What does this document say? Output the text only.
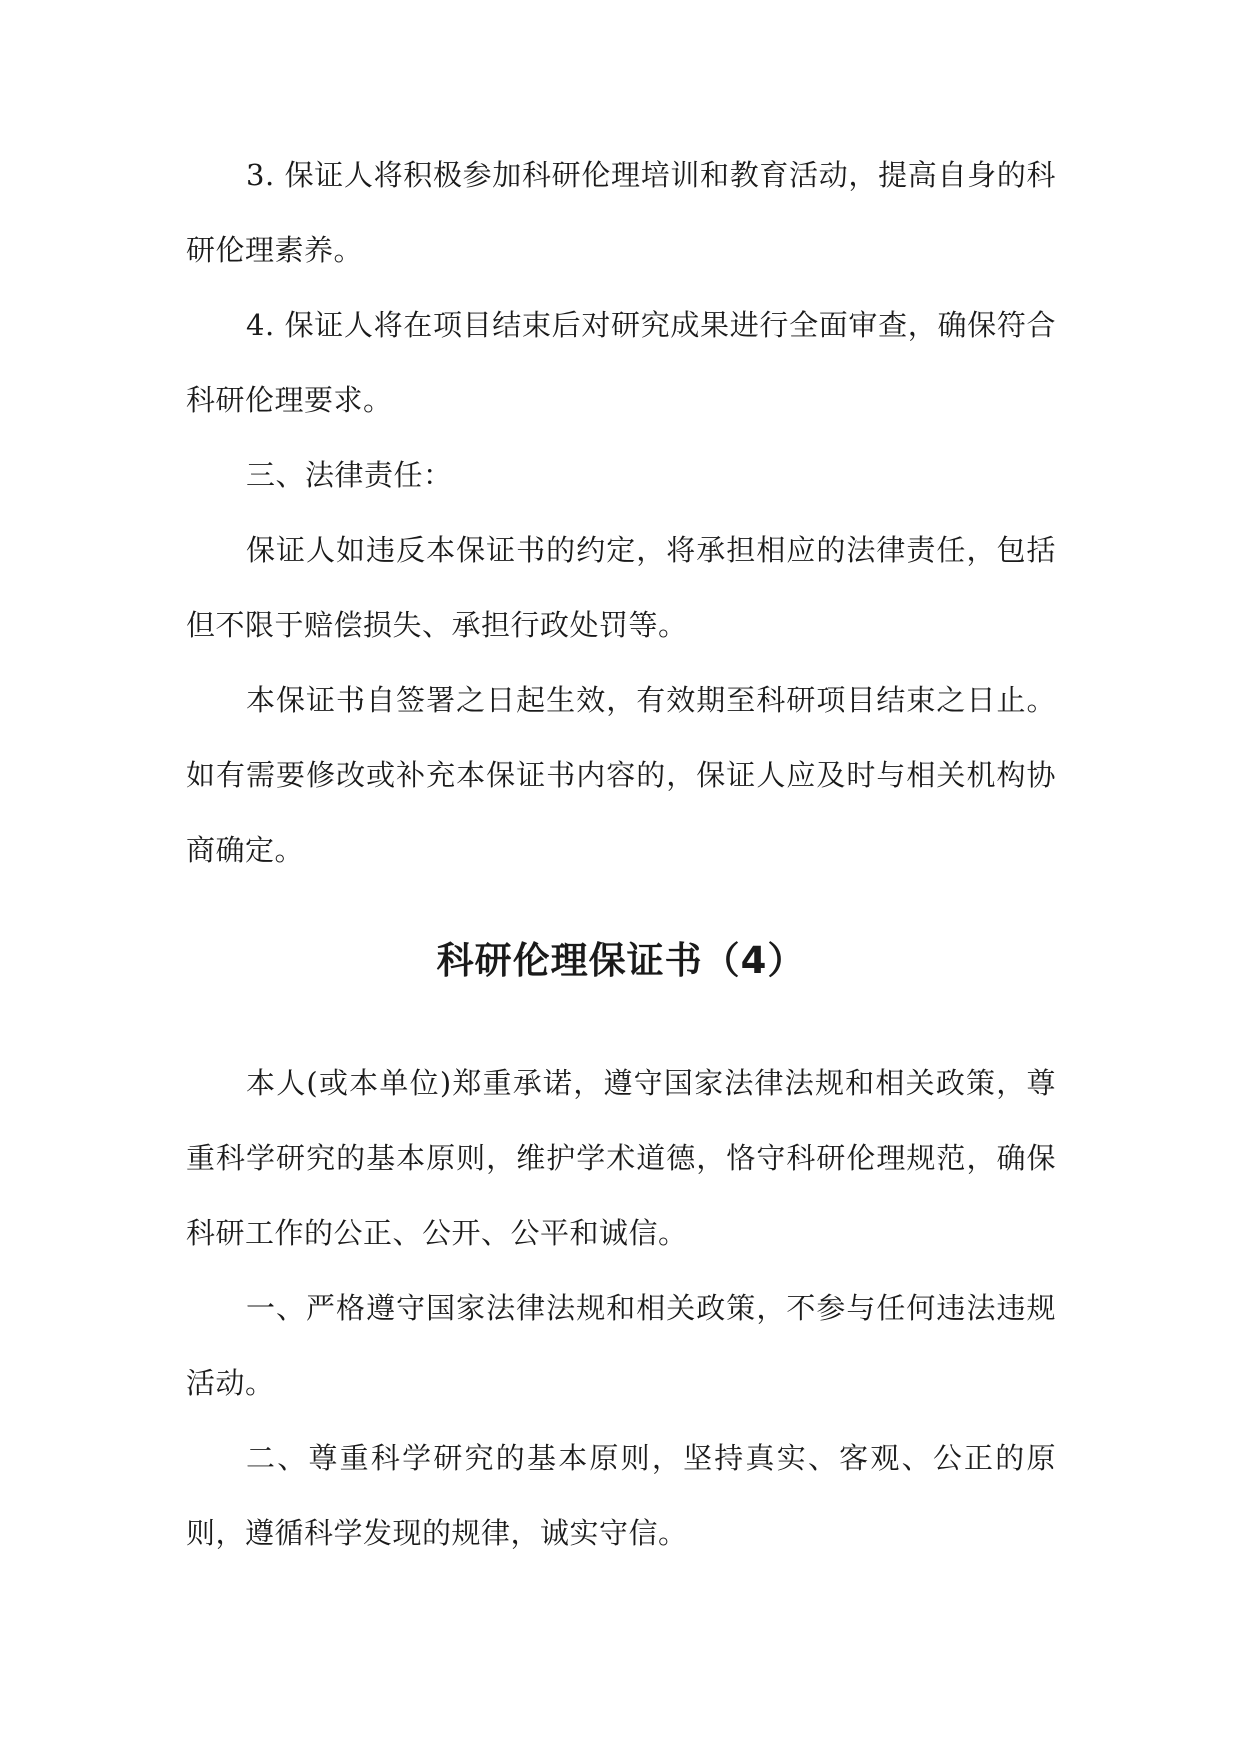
3. 保证人将积极参加科研伦理培训和教育活动，提高自身的科研伦理素养。

4. 保证人将在项目结束后对研究成果进行全面审查，确保符合科研伦理要求。

三、法律责任：

保证人如违反本保证书的约定，将承担相应的法律责任，包括但不限于赔偿损失、承担行政处罚等。

本保证书自签署之日起生效，有效期至科研项目结束之日止。如有需要修改或补充本保证书内容的，保证人应及时与相关机构协商确定。

科研伦理保证书（4）

本人(或本单位)郑重承诺，遵守国家法律法规和相关政策，尊重科学研究的基本原则，维护学术道德，恪守科研伦理规范，确保科研工作的公正、公开、公平和诚信。

一、严格遵守国家法律法规和相关政策，不参与任何违法违规活动。

二、尊重科学研究的基本原则，坚持真实、客观、公正的原则，遵循科学发现的规律，诚实守信。
